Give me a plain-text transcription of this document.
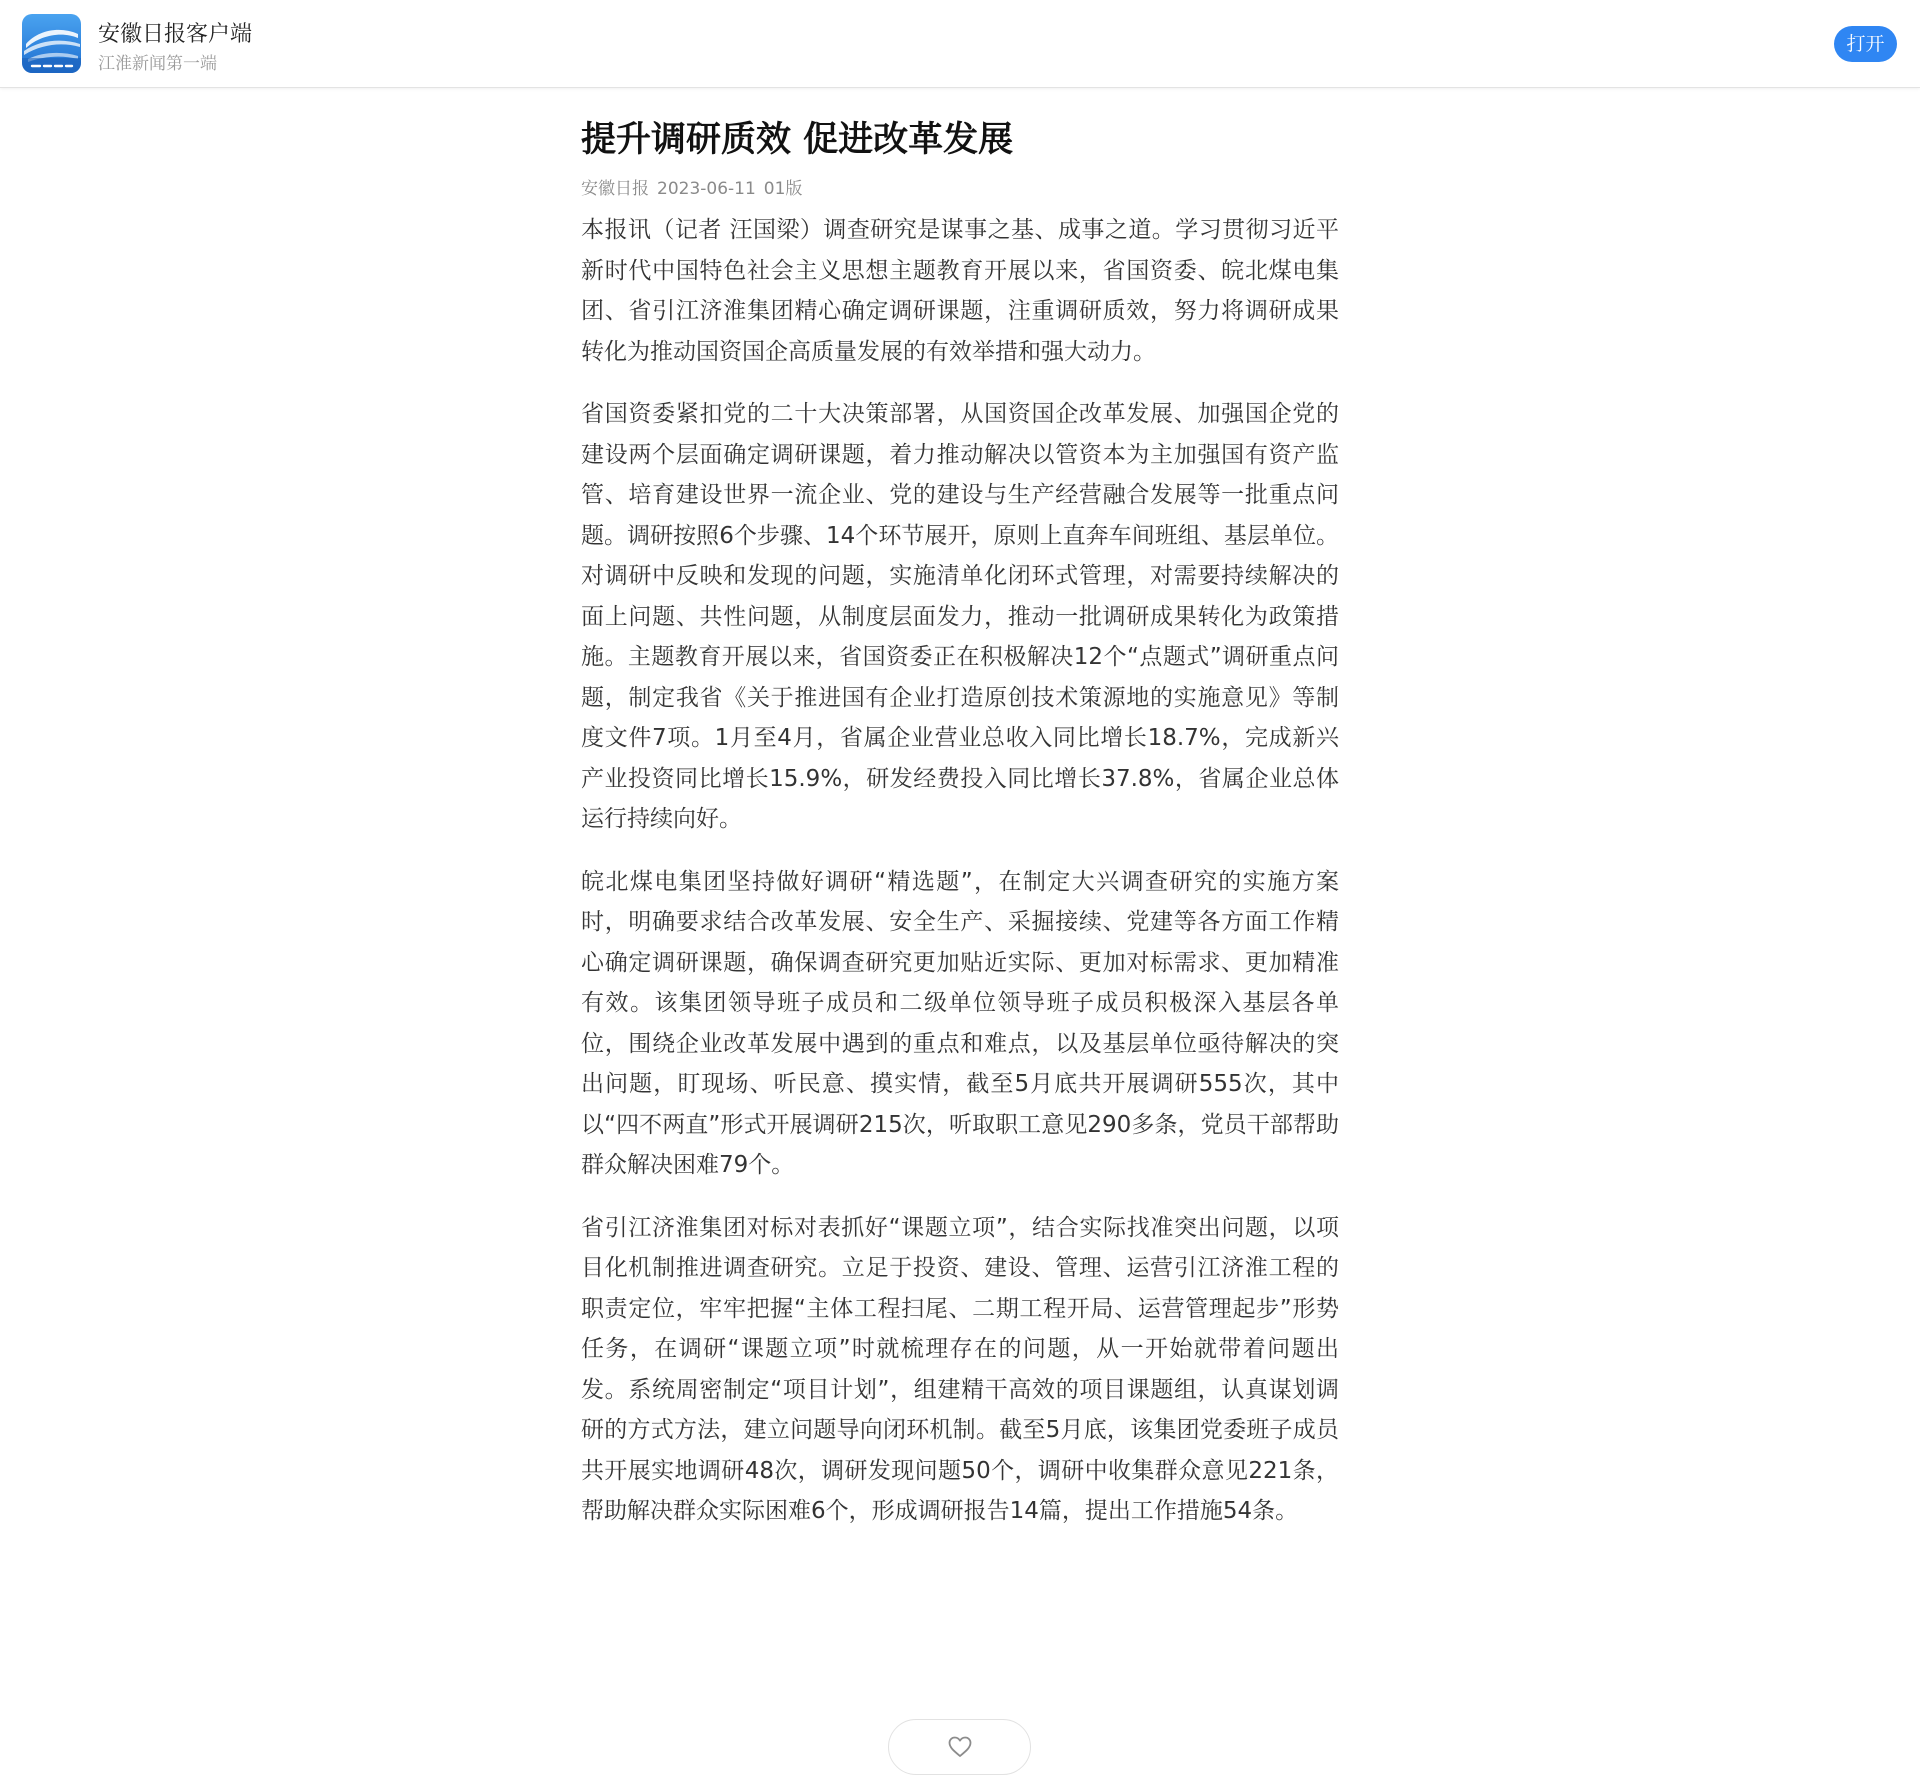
安徽日报客户端
江淮新闻第一端
打开
提升调研质效 促进改革发展
安徽日报 2023-06-11 01版

本报讯（记者 汪国梁）调查研究是谋事之基、成事之道。学习贯彻习近平新时代中国特色社会主义思想主题教育开展以来，省国资委、皖北煤电集团、省引江济淮集团精心确定调研课题，注重调研质效，努力将调研成果转化为推动国资国企高质量发展的有效举措和强大动力。

省国资委紧扣党的二十大决策部署，从国资国企改革发展、加强国企党的建设两个层面确定调研课题，着力推动解决以管资本为主加强国有资产监管、培育建设世界一流企业、党的建设与生产经营融合发展等一批重点问题。调研按照6个步骤、14个环节展开，原则上直奔车间班组、基层单位。对调研中反映和发现的问题，实施清单化闭环式管理，对需要持续解决的面上问题、共性问题，从制度层面发力，推动一批调研成果转化为政策措施。主题教育开展以来，省国资委正在积极解决12个“点题式”调研重点问题，制定我省《关于推进国有企业打造原创技术策源地的实施意见》等制度文件7项。1月至4月，省属企业营业总收入同比增长18.7%，完成新兴产业投资同比增长15.9%，研发经费投入同比增长37.8%，省属企业总体运行持续向好。

皖北煤电集团坚持做好调研“精选题”，在制定大兴调查研究的实施方案时，明确要求结合改革发展、安全生产、采掘接续、党建等各方面工作精心确定调研课题，确保调查研究更加贴近实际、更加对标需求、更加精准有效。该集团领导班子成员和二级单位领导班子成员积极深入基层各单位，围绕企业改革发展中遇到的重点和难点，以及基层单位亟待解决的突出问题，盯现场、听民意、摸实情，截至5月底共开展调研555次，其中以“四不两直”形式开展调研215次，听取职工意见290多条，党员干部帮助群众解决困难79个。

省引江济淮集团对标对表抓好“课题立项”，结合实际找准突出问题，以项目化机制推进调查研究。立足于投资、建设、管理、运营引江济淮工程的职责定位，牢牢把握“主体工程扫尾、二期工程开局、运营管理起步”形势任务，在调研“课题立项”时就梳理存在的问题，从一开始就带着问题出发。系统周密制定“项目计划”，组建精干高效的项目课题组，认真谋划调研的方式方法，建立问题导向闭环机制。截至5月底，该集团党委班子成员共开展实地调研48次，调研发现问题50个，调研中收集群众意见221条，帮助解决群众实际困难6个，形成调研报告14篇，提出工作措施54条。
